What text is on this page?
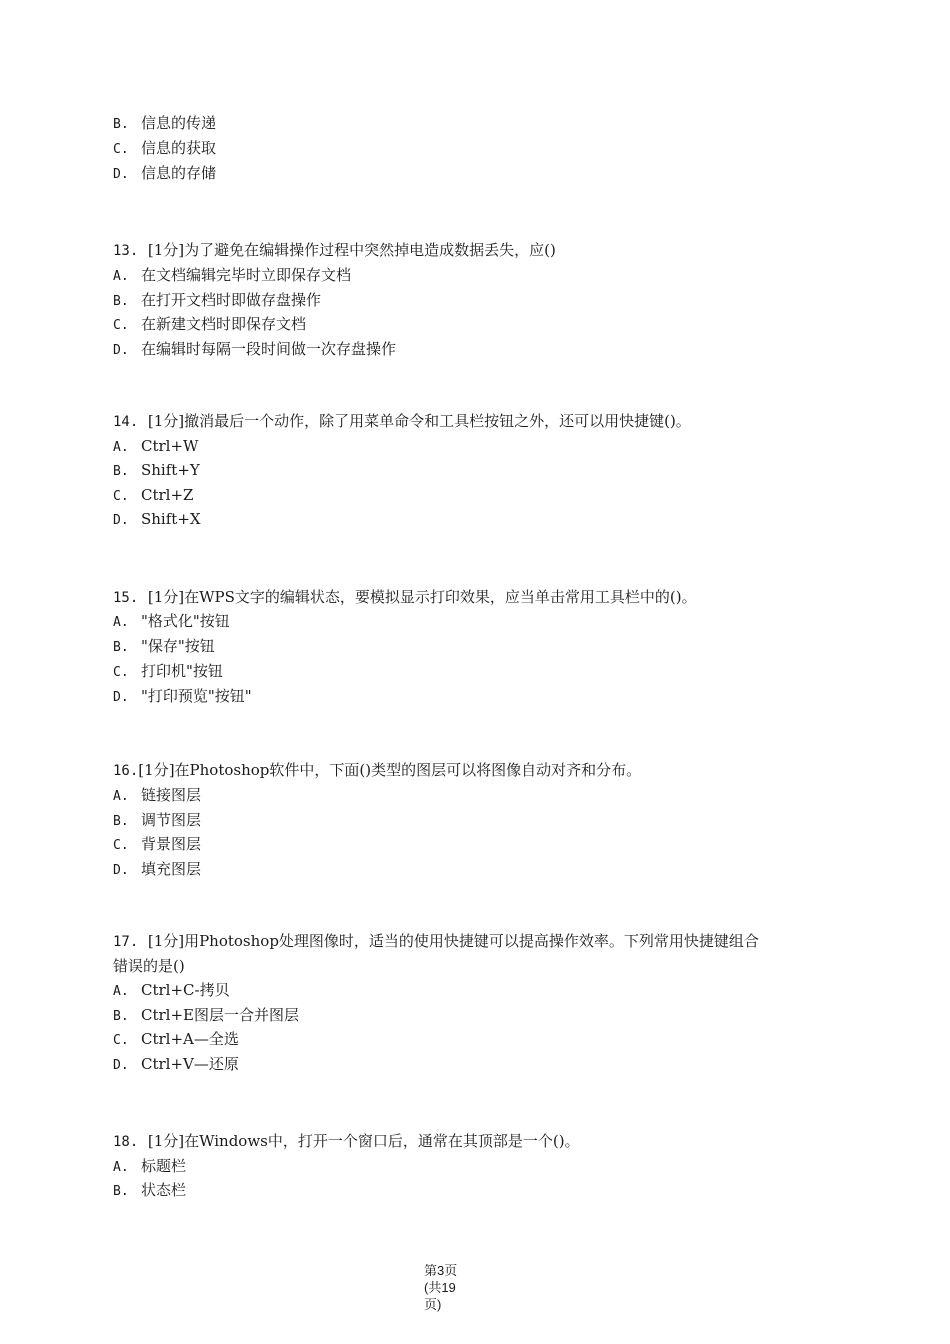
B. 信息的传递
C. 信息的获取
D. 信息的存储
13. [1分]为了避免在编辑操作过程中突然掉电造成数据丢失，应()
A. 在文档编辑完毕时立即保存文档
B. 在打开文档时即做存盘操作
C. 在新建文档时即保存文档
D. 在编辑时每隔一段时间做一次存盘操作
14. [1分]撤消最后一个动作，除了用菜单命令和工具栏按钮之外，还可以用快捷键()。
A. Ctrl+W
B. Shift+Y
C. Ctrl+Z
D. Shift+X
15. [1分]在WPS文字的编辑状态，要模拟显示打印效果，应当单击常用工具栏中的()。
A. "格式化"按钮
B. "保存"按钮
C. 打印机"按钮
D. "打印预览"按钮"
16.[1分]在Photoshop软件中，下面()类型的图层可以将图像自动对齐和分布。
A. 链接图层
B. 调节图层
C. 背景图层
D. 填充图层
17. [1分]用Photoshop处理图像时，适当的使用快捷键可以提高操作效率。下列常用快捷键组合
错误的是()
A. Ctrl+C-拷贝
B. Ctrl+E图层一合并图层
C. Ctrl+A—全选
D. Ctrl+V—还原
18. [1分]在Windows中，打开一个窗口后，通常在其顶部是一个()。
A. 标题栏
B. 状态栏
第3页
(共19
页)
